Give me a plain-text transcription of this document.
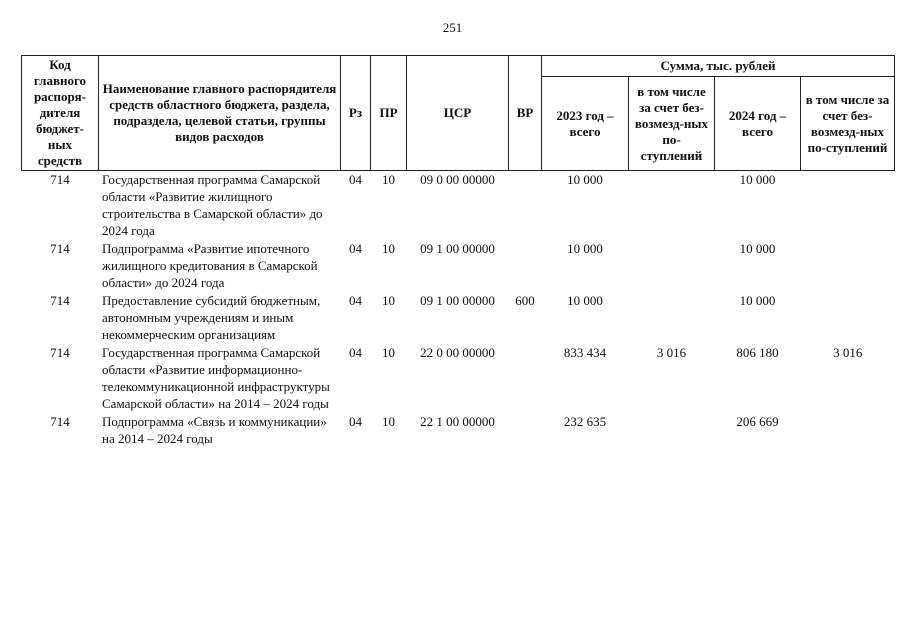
251
Код главного распоря-дителя бюджет-ных средств	Наименование главного распорядителя средств областного бюджета, раздела, подраздела, целевой статьи, группы видов расходов	Рз	ПР	ЦСР	ВР	Сумма, тыс. рублей			
						2023 год – всего	в том числе за счет без-возмезд-ных по-ступлений	2024 год – всего	в том числе за счет без-возмезд-ных по-ступлений
714	Государственная программа Самарской области «Развитие жилищного строительства в Самарской области» до 2024 года	04	10	09 0 00 00000		10 000		10 000	
714	Подпрограмма «Развитие ипотечного жилищного кредитования в Самарской области» до 2024 года	04	10	09 1 00 00000		10 000		10 000	
714	Предоставление субсидий бюджетным, автономным учреждениям и иным некоммерческим организациям	04	10	09 1 00 00000	600	10 000		10 000	
714	Государственная программа Самарской области «Развитие информационно-телекоммуникационной инфраструктуры Самарской области» на 2014 – 2024 годы	04	10	22 0 00 00000		833 434	3 016	806 180	3 016
714	Подпрограмма «Связь и коммуникации» на 2014 – 2024 годы	04	10	22 1 00 00000		232 635		206 669	
